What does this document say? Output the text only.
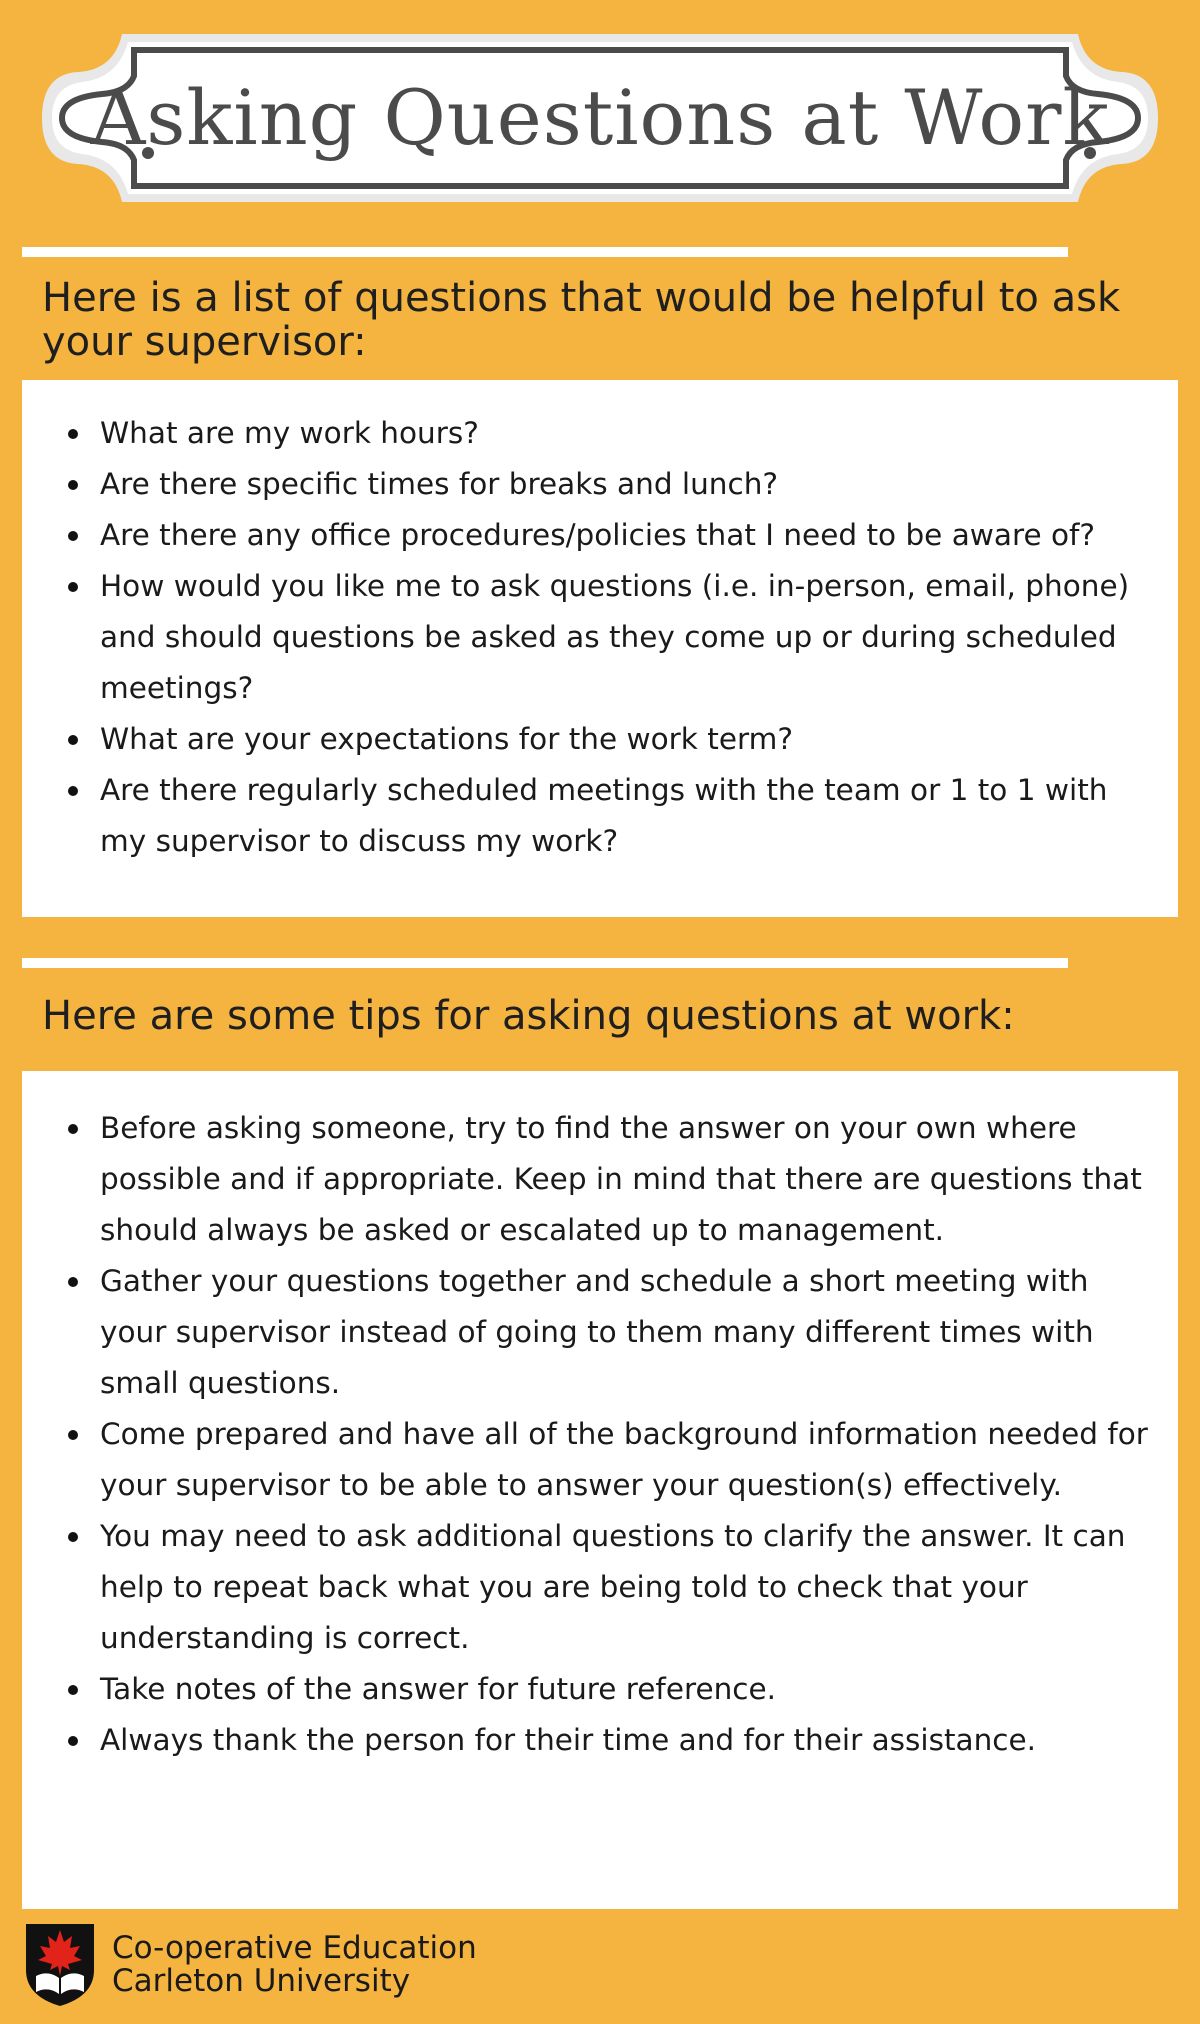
Asking Questions at Work
Here is a list of questions that would be helpful to ask your supervisor:
What are my work hours?
Are there specific times for breaks and lunch?
Are there any office procedures/policies that I need to be aware of?
How would you like me to ask questions (i.e. in-person, email, phone) and should questions be asked as they come up or during scheduled meetings?
What are your expectations for the work term?
Are there regularly scheduled meetings with the team or 1 to 1 with my supervisor to discuss my work?
Here are some tips for asking questions at work:
Before asking someone, try to find the answer on your own where possible and if appropriate. Keep in mind that there are questions that should always be asked or escalated up to management.
Gather your questions together and schedule a short meeting with your supervisor instead of going to them many different times with small questions.
Come prepared and have all of the background information needed for your supervisor to be able to answer your question(s) effectively.
You may need to ask additional questions to clarify the answer. It can help to repeat back what you are being told to check that your understanding is correct.
Take notes of the answer for future reference.
Always thank the person for their time and for their assistance.
Co-operative Education
Carleton University
